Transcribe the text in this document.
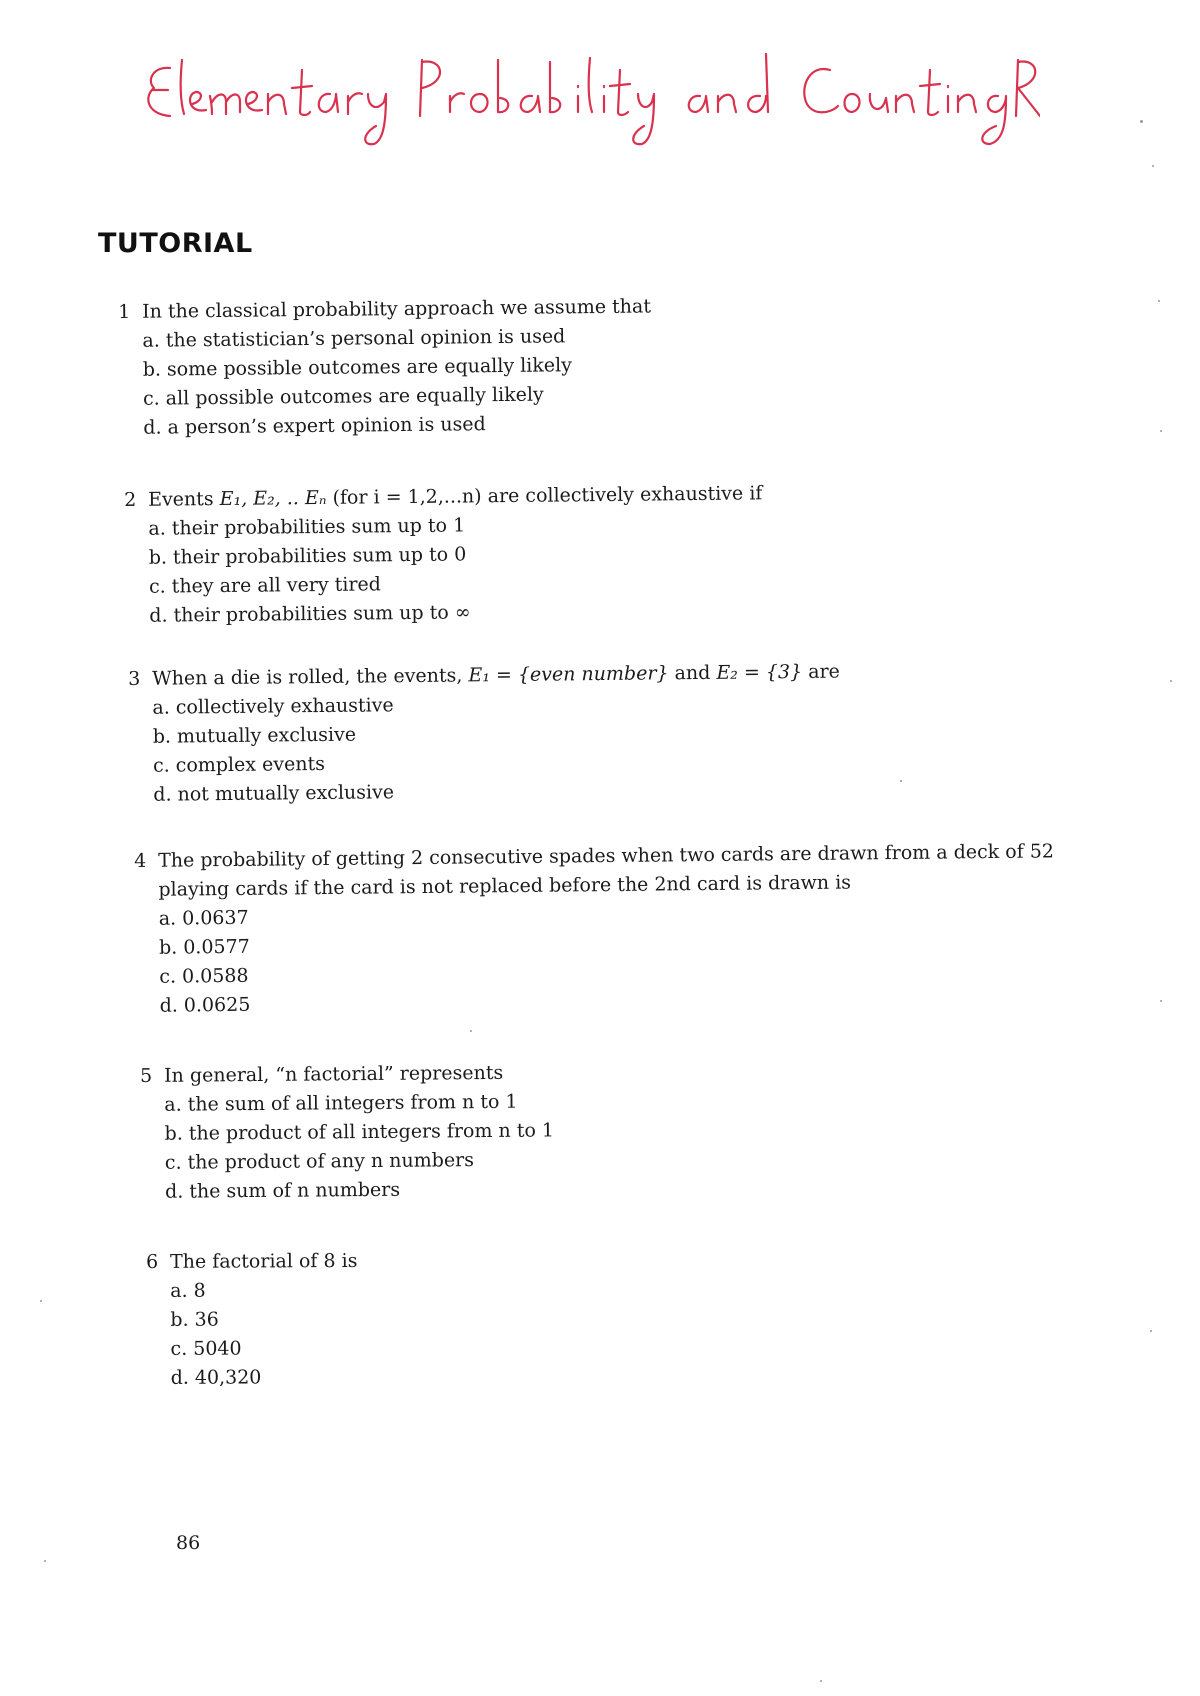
TUTORIAL
1 In the classical probability approach we assume that
a. the statistician’s personal opinion is used
b. some possible outcomes are equally likely
c. all possible outcomes are equally likely
d. a person’s expert opinion is used
2 Events E₁, E₂, .. Eₙ (for i = 1,2,...n) are collectively exhaustive if
a. their probabilities sum up to 1
b. their probabilities sum up to 0
c. they are all very tired
d. their probabilities sum up to ∞
3 When a die is rolled, the events, E₁ = {even number} and E₂ = {3} are
a. collectively exhaustive
b. mutually exclusive
c. complex events
d. not mutually exclusive
4 The probability of getting 2 consecutive spades when two cards are drawn from a deck of 52
playing cards if the card is not replaced before the 2nd card is drawn is
a. 0.0637
b. 0.0577
c. 0.0588
d. 0.0625
5 In general, “n factorial” represents
a. the sum of all integers from n to 1
b. the product of all integers from n to 1
c. the product of any n numbers
d. the sum of n numbers
6 The factorial of 8 is
a. 8
b. 36
c. 5040
d. 40,320
86
